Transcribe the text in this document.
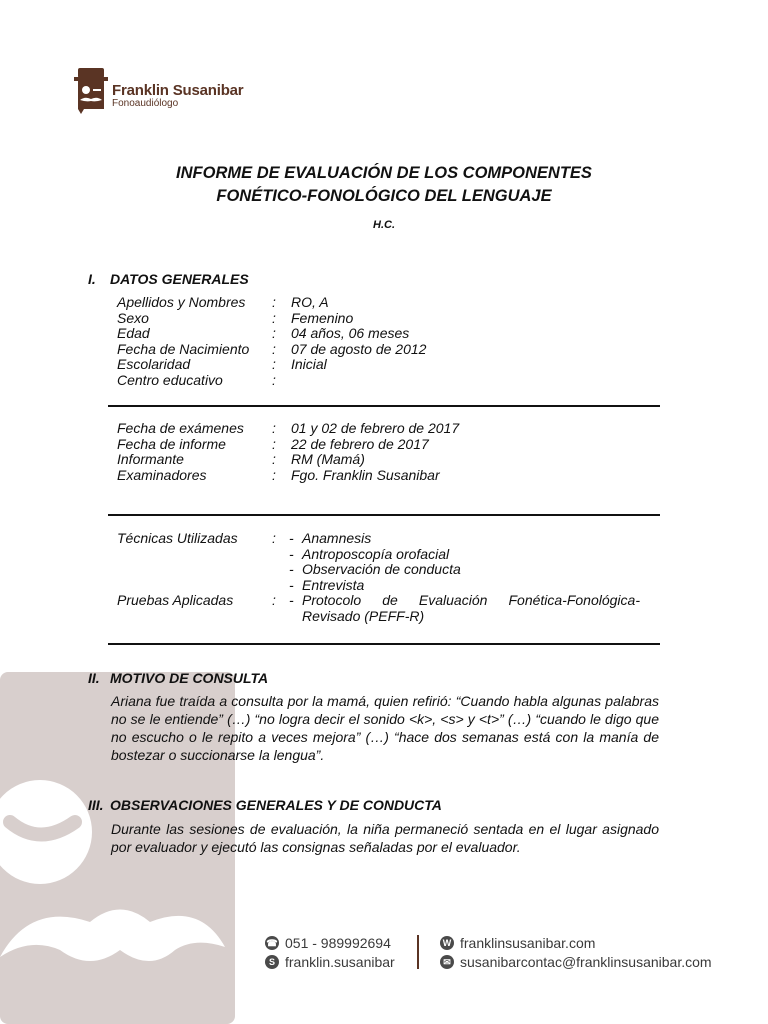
Franklin Susanibar
Fonoaudiólogo
INFORME DE EVALUACIÓN DE LOS COMPONENTES
FONÉTICO-FONOLÓGICO DEL LENGUAJE
H.C.
I. DATOS GENERALES
Apellidos y Nombres : RO, A
Sexo	: Femenino
Edad	: 04 años, 06 meses
Fecha de Nacimiento : 07 de agosto de 2012
Escolaridad	: Inicial
Centro educativo	:
Fecha de exámenes : 01 y 02 de febrero de 2017
Fecha de informe	: 22 de febrero de 2017
Informante	: RM (Mamá)
Examinadores	: Fgo. Franklin Susanibar
Técnicas Utilizadas : - Anamnesis
- Antroposcopía orofacial
- Observación de conducta
- Entrevista
Pruebas Aplicadas	: - Protocolo de Evaluación Fonética-Fonológica-
Revisado (PEFF-R)
II. MOTIVO DE CONSULTA
Ariana fue traída a consulta por la mamá, quien refirió: “Cuando habla algunas palabras no se le entiende” (…) “no logra decir el sonido <k>, <s> y <t>” (…) “cuando le digo que no escucho o le repito a veces mejora” (…) “hace dos semanas está con la manía de bostezar o succionarse la lengua”.
III. OBSERVACIONES GENERALES Y DE CONDUCTA
Durante las sesiones de evaluación, la niña permaneció sentada en el lugar asignado por evaluador y ejecutó las consignas señaladas por el evaluador.
☎ 051 - 989992694
S franklin.susanibar
W franklinsusanibar.com
✉ susanibarcontac@franklinsusanibar.com
